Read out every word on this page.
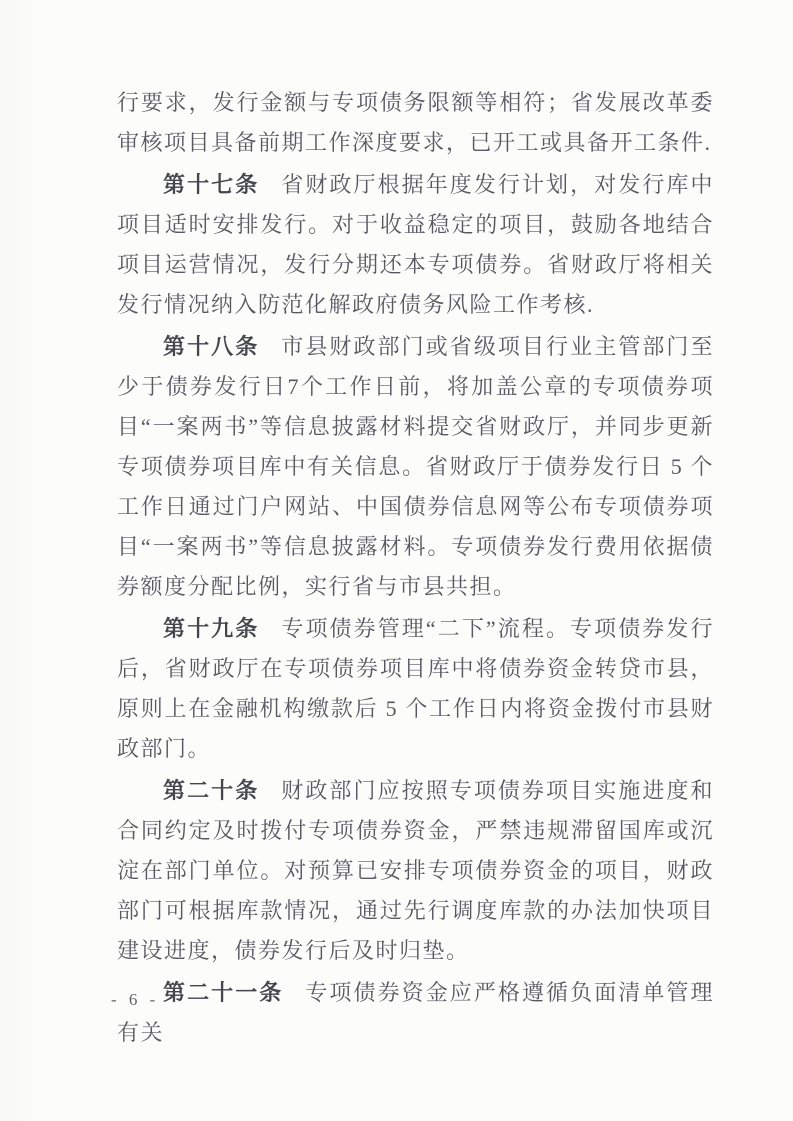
行要求，发行金额与专项债务限额等相符；省发展改革委审核项目具备前期工作深度要求，已开工或具备开工条件.

第十七条 省财政厅根据年度发行计划，对发行库中项目适时安排发行。对于收益稳定的项目，鼓励各地结合项目运营情况，发行分期还本专项债券。省财政厅将相关发行情况纳入防范化解政府债务风险工作考核.

第十八条 市县财政部门或省级项目行业主管部门至少于债券发行日7个工作日前，将加盖公章的专项债券项目“一案两书”等信息披露材料提交省财政厅，并同步更新专项债券项目库中有关信息。省财政厅于债券发行日 5 个工作日通过门户网站、中国债券信息网等公布专项债券项目“一案两书”等信息披露材料。专项债券发行费用依据债券额度分配比例，实行省与市县共担。

第十九条 专项债券管理“二下”流程。专项债券发行后，省财政厅在专项债券项目库中将债券资金转贷市县，原则上在金融机构缴款后 5 个工作日内将资金拨付市县财政部门。

第二十条 财政部门应按照专项债券项目实施进度和合同约定及时拨付专项债券资金，严禁违规滞留国库或沉淀在部门单位。对预算已安排专项债券资金的项目，财政部门可根据库款情况，通过先行调度库款的办法加快项目建设进度，债券发行后及时归垫。

第二十一条 专项债券资金应严格遵循负面清单管理有关

- 6 -
